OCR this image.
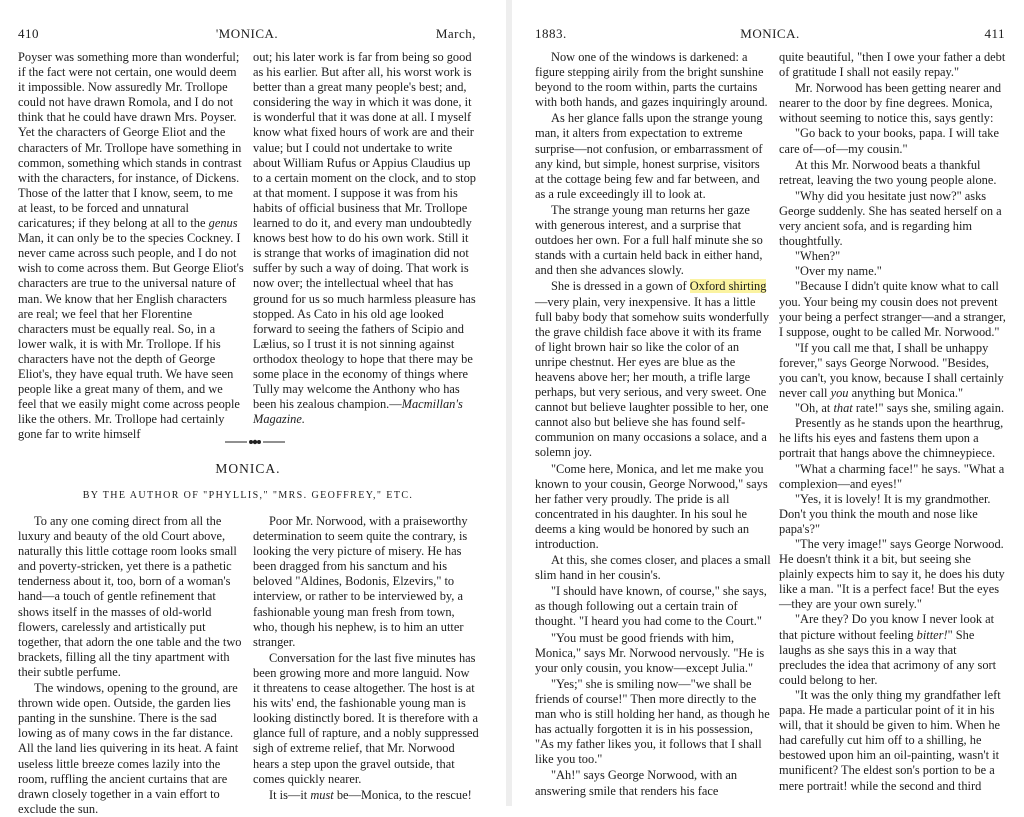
410	'MONICA.	March,	1883.	MONICA.	411

Poyser was something more than wonderful; if the fact were not certain, one would deem it impossible. Now assuredly Mr. Trollope could not have drawn Romola, and I do not think that he could have drawn Mrs. Poyser. Yet the characters of George Eliot and the characters of Mr. Trollope have something in common, something which stands in contrast with the characters, for instance, of Dickens. Those of the latter that I know, seem, to me at least, to be forced and unnatural caricatures; if they belong at all to the genus Man, it can only be to the species Cockney. I never came across such people, and I do not wish to come across them. But George Eliot's characters are true to the universal nature of man. We know that her English characters are real; we feel that her Florentine characters must be equally real. So, in a lower walk, it is with Mr. Trollope. If his characters have not the depth of George Eliot's, they have equal truth. We have seen people like a great many of them, and we feel that we easily might come across people like the others. Mr. Trollope had certainly gone far to write himself

out; his later work is far from being so good as his earlier. But after all, his worst work is better than a great many people's best; and, considering the way in which it was done, it is wonderful that it was done at all. I myself know what fixed hours of work are and their value; but I could not undertake to write about William Rufus or Appius Claudius up to a certain moment on the clock, and to stop at that moment. I suppose it was from his habits of official business that Mr. Trollope learned to do it, and every man undoubtedly knows best how to do his own work. Still it is strange that works of imagination did not suffer by such a way of doing. That work is now over; the intellectual wheel that has ground for us so much harmless pleasure has stopped. As Cato in his old age looked forward to seeing the fathers of Scipio and Lælius, so I trust it is not sinning against orthodox theology to hope that there may be some place in the economy of things where Tully may welcome the Anthony who has been his zealous champion.—Macmillan's Magazine.

MONICA.
BY THE AUTHOR OF "PHYLLIS," "MRS. GEOFFREY," ETC.

To any one coming direct from all the luxury and beauty of the old Court above, naturally this little cottage room looks small and poverty-stricken, yet there is a pathetic tenderness about it, too, born of a woman's hand—a touch of gentle refinement that shows itself in the masses of old-world flowers, carelessly and artistically put together, that adorn the one table and the two brackets, filling all the tiny apartment with their subtle perfume.

The windows, opening to the ground, are thrown wide open. Outside, the garden lies panting in the sunshine. There is the sad lowing as of many cows in the far distance. All the land lies quivering in its heat. A faint useless little breeze comes lazily into the room, ruffling the ancient curtains that are drawn closely together in a vain effort to exclude the sun.

Poor Mr. Norwood, with a praiseworthy determination to seem quite the contrary, is looking the very picture of misery. He has been dragged from his sanctum and his beloved "Aldines, Bodonis, Elzevirs," to interview, or rather to be interviewed by, a fashionable young man fresh from town, who, though his nephew, is to him an utter stranger.

Conversation for the last five minutes has been growing more and more languid. Now it threatens to cease altogether. The host is at his wits' end, the fashionable young man is looking distinctly bored. It is therefore with a glance full of rapture, and a nobly suppressed sigh of extreme relief, that Mr. Norwood hears a step upon the gravel outside, that comes quickly nearer.

It is—it must be—Monica, to the rescue!

Now one of the windows is darkened: a figure stepping airily from the bright sunshine beyond to the room within, parts the curtains with both hands, and gazes inquiringly around.

As her glance falls upon the strange young man, it alters from expectation to extreme surprise—not confusion, or embarrassment of any kind, but simple, honest surprise, visitors at the cottage being few and far between, and as a rule exceedingly ill to look at.

The strange young man returns her gaze with generous interest, and a surprise that outdoes her own. For a full half minute she so stands with a curtain held back in either hand, and then she advances slowly.

She is dressed in a gown of Oxford shirting—very plain, very inexpensive. It has a little full baby body that somehow suits wonderfully the grave childish face above it with its frame of light brown hair so like the color of an unripe chestnut. Her eyes are blue as the heavens above her; her mouth, a trifle large perhaps, but very serious, and very sweet. One cannot but believe laughter possible to her, one cannot also but believe she has found self-communion on many occasions a solace, and a solemn joy.

"Come here, Monica, and let me make you known to your cousin, George Norwood," says her father very proudly. The pride is all concentrated in his daughter. In his soul he deems a king would be honored by such an introduction.

At this, she comes closer, and places a small slim hand in her cousin's.

"I should have known, of course," she says, as though following out a certain train of thought. "I heard you had come to the Court."

"You must be good friends with him, Monica," says Mr. Norwood nervously. "He is your only cousin, you know—except Julia."

"Yes;" she is smiling now—"we shall be friends of course!" Then more directly to the man who is still holding her hand, as though he has actually forgotten it is in his possession, "As my father likes you, it follows that I shall like you too."

"Ah!" says George Norwood, with an answering smile that renders his face

quite beautiful, "then I owe your father a debt of gratitude I shall not easily repay."

Mr. Norwood has been getting nearer and nearer to the door by fine degrees. Monica, without seeming to notice this, says gently:

"Go back to your books, papa. I will take care of—of—my cousin."

At this Mr. Norwood beats a thankful retreat, leaving the two young people alone.

"Why did you hesitate just now?" asks George suddenly. She has seated herself on a very ancient sofa, and is regarding him thoughtfully.

"When?"

"Over my name."

"Because I didn't quite know what to call you. Your being my cousin does not prevent your being a perfect stranger—and a stranger, I suppose, ought to be called Mr. Norwood."

"If you call me that, I shall be unhappy forever," says George Norwood. "Besides, you can't, you know, because I shall certainly never call you anything but Monica."

"Oh, at that rate!" says she, smiling again.

Presently as he stands upon the hearthrug, he lifts his eyes and fastens them upon a portrait that hangs above the chimneypiece.

"What a charming face!" he says. "What a complexion—and eyes!"

"Yes, it is lovely! It is my grandmother. Don't you think the mouth and nose like papa's?"

"The very image!" says George Norwood. He doesn't think it a bit, but seeing she plainly expects him to say it, he does his duty like a man. "It is a perfect face! But the eyes—they are your own surely."

"Are they? Do you know I never look at that picture without feeling bitter!" She laughs as she says this in a way that precludes the idea that acrimony of any sort could belong to her.

"It was the only thing my grandfather left papa. He made a particular point of it in his will, that it should be given to him. When he had carefully cut him off to a shilling, he bestowed upon him an oil-painting, wasn't it munificent? The eldest son's portion to be a mere portrait! while the second and third
